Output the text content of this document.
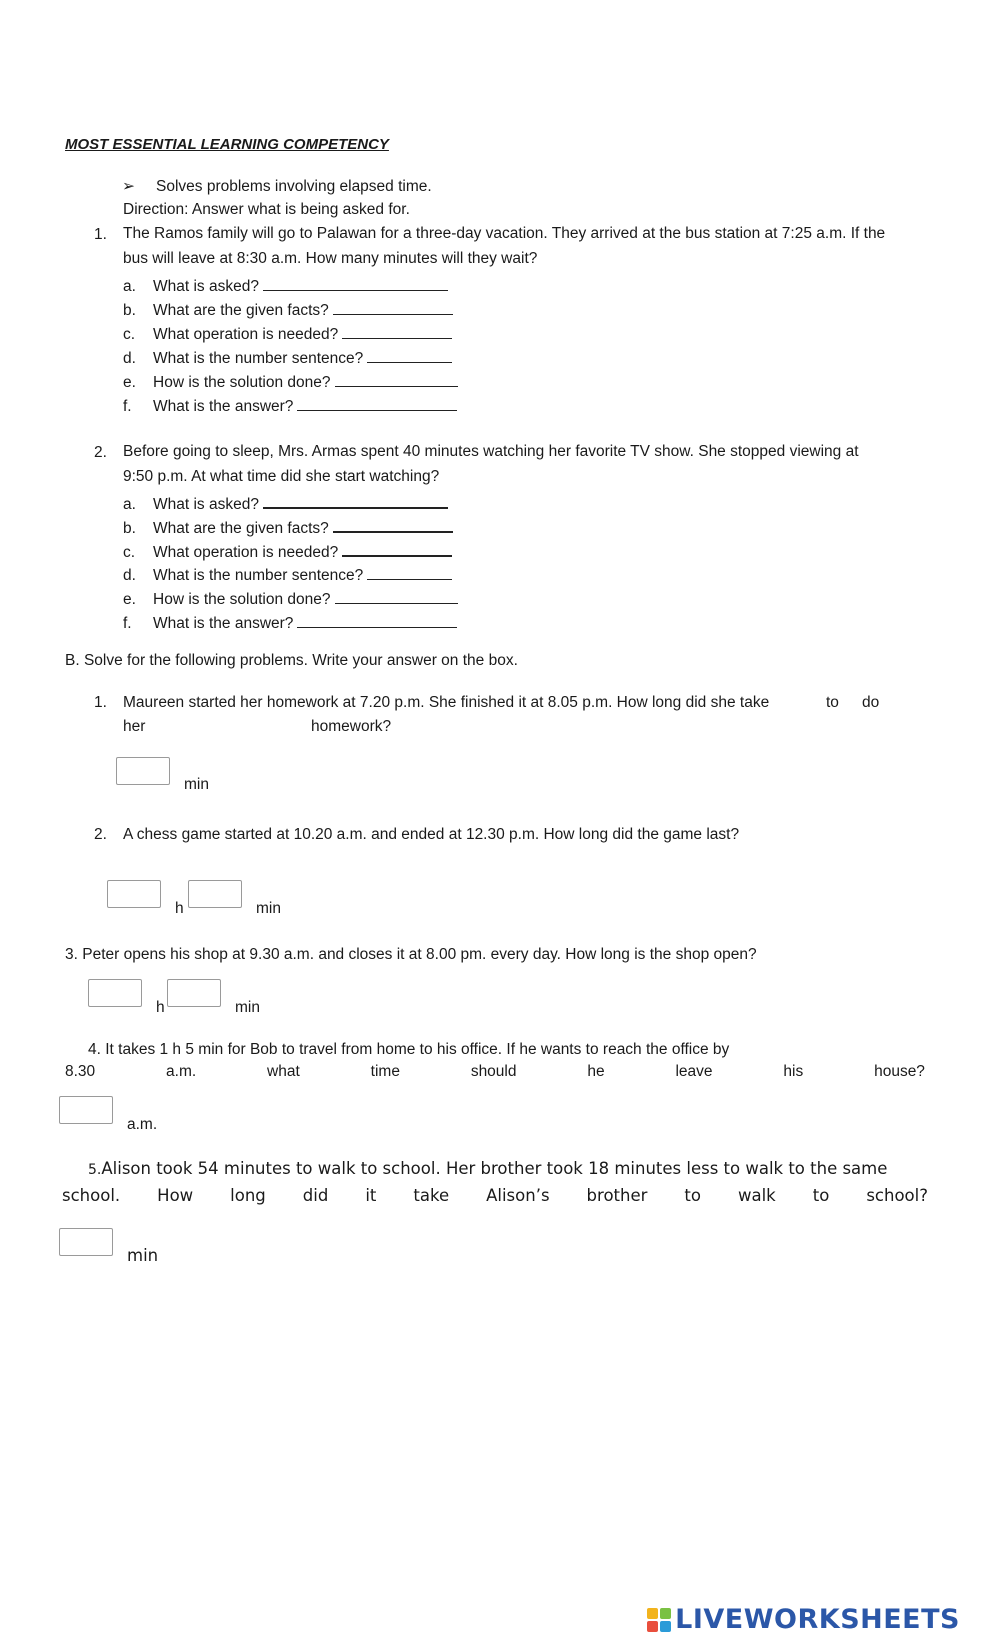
MOST ESSENTIAL LEARNING COMPETENCY
➢ Solves problems involving elapsed time.
Direction: Answer what is being asked for.
1. The Ramos family will go to Palawan for a three-day vacation. They arrived at the bus station at 7:25 a.m. If the
bus will leave at 8:30 a.m. How many minutes will they wait?
a. What is asked?
b. What are the given facts?
c. What operation is needed?
d. What is the number sentence?
e. How is the solution done?
f. What is the answer?
2. Before going to sleep, Mrs. Armas spent 40 minutes watching her favorite TV show. She stopped viewing at
9:50 p.m. At what time did she start watching?
a. What is asked?
b. What are the given facts?
c. What operation is needed?
d. What is the number sentence?
e. How is the solution done?
f. What is the answer?
B. Solve for the following problems. Write your answer on the box.
1. Maureen started her homework at 7.20 p.m. She finished it at 8.05 p.m. How long did she take	to do
her	homework?
min
2. A chess game started at 10.20 a.m. and ended at 12.30 p.m. How long did the game last?
h	min
3. Peter opens his shop at 9.30 a.m. and closes it at 8.00 pm. every day. How long is the shop open?
h	min
4. It takes 1 h 5 min for Bob to travel from home to his office. If he wants to reach the office by
8.30	a.m.	what	time	should	he	leave	his	house?
a.m.
5.Alison took 54 minutes to walk to school. Her brother took 18 minutes less to walk to the same
school. How long did it take Alison’s brother to walk to school?
min
LIVEWORKSHEETS
